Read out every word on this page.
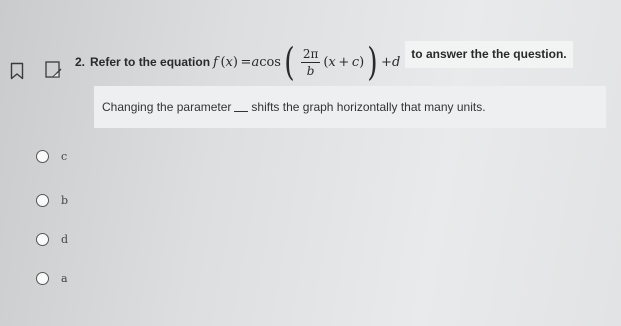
2. Refer to the equation f  ( x )  = a cos ( $\frac{2\pi}{b}$ ( x  +  c ) ) + d
to answer the the question.
Changing the parameter shifts the graph horizontally that many units.
c
b
d
a
